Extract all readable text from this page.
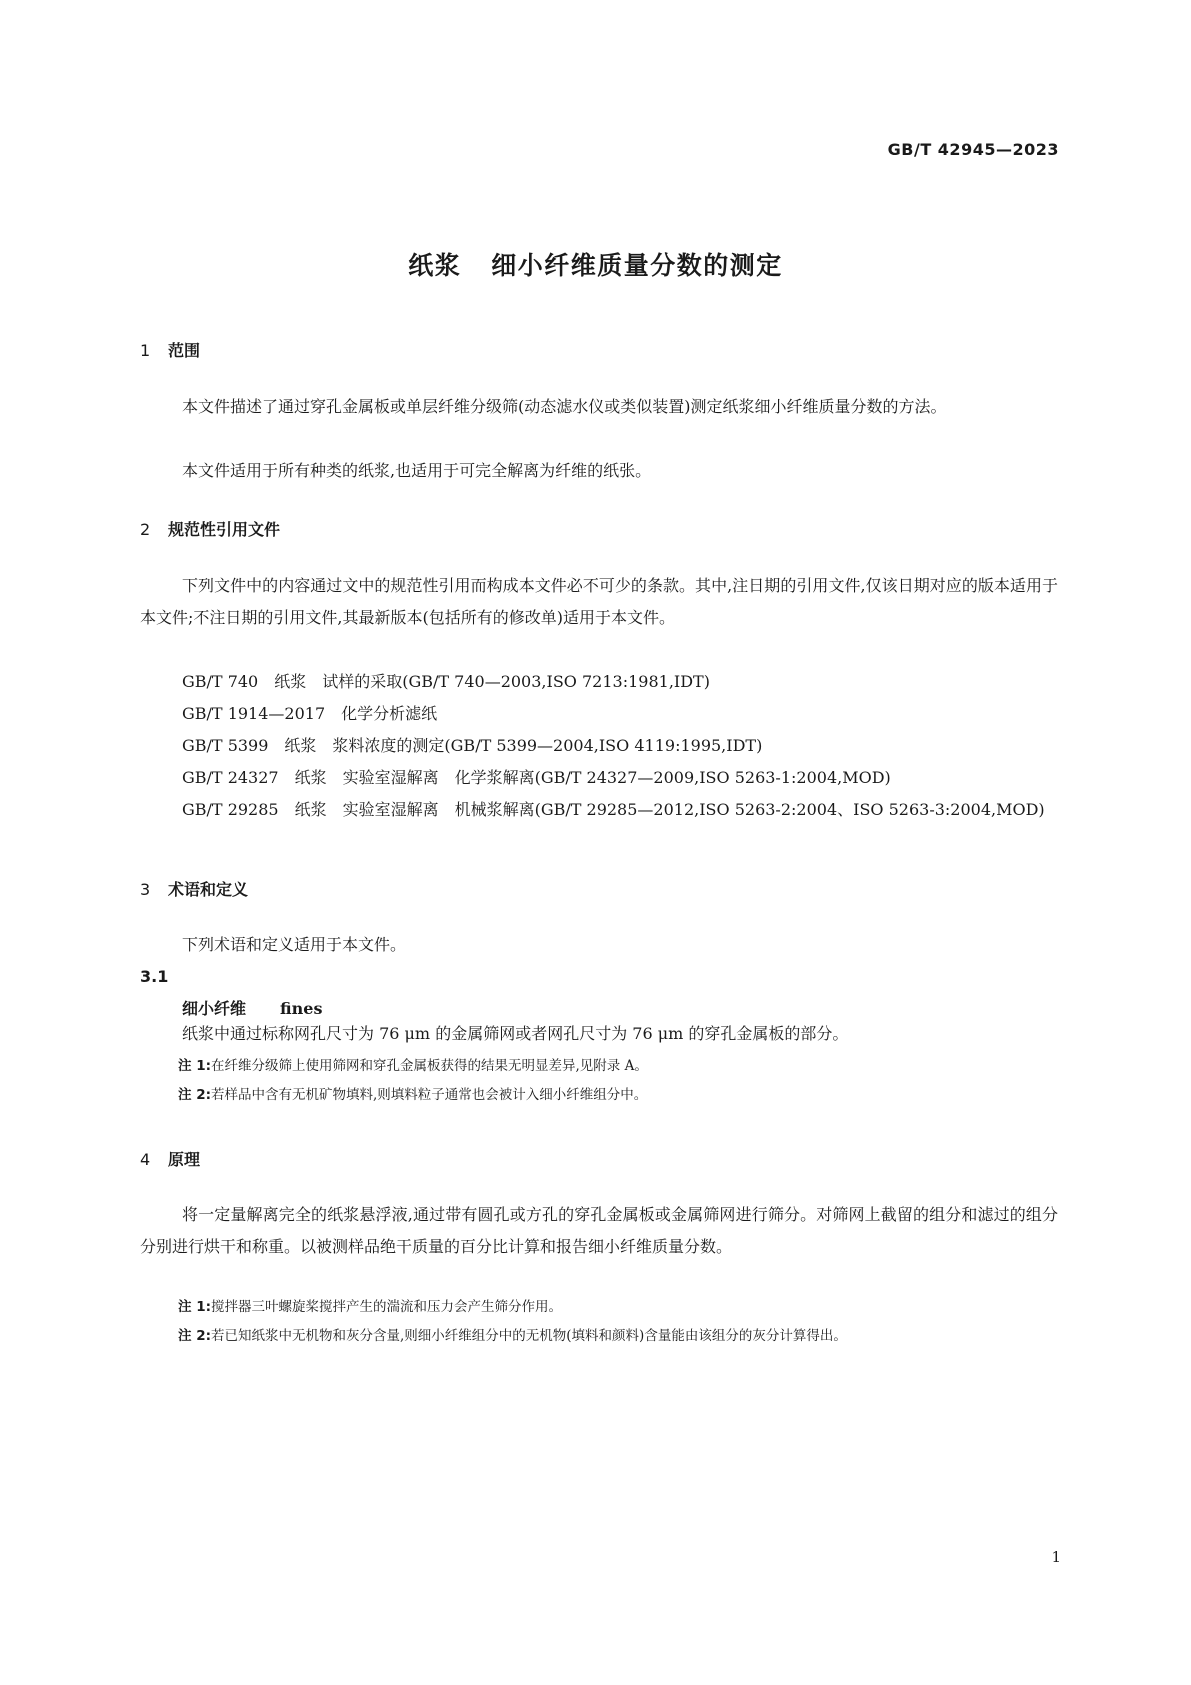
GB/T 42945—2023
纸浆 细小纤维质量分数的测定
1 范围
本文件描述了通过穿孔金属板或单层纤维分级筛(动态滤水仪或类似装置)测定纸浆细小纤维质量分数的方法。
本文件适用于所有种类的纸浆,也适用于可完全解离为纤维的纸张。
2 规范性引用文件
下列文件中的内容通过文中的规范性引用而构成本文件必不可少的条款。其中,注日期的引用文件,仅该日期对应的版本适用于本文件;不注日期的引用文件,其最新版本(包括所有的修改单)适用于本文件。
GB/T 740　纸浆　试样的采取(GB/T 740—2003,ISO 7213:1981,IDT)
GB/T 1914—2017　化学分析滤纸
GB/T 5399　纸浆　浆料浓度的测定(GB/T 5399—2004,ISO 4119:1995,IDT)
GB/T 24327　纸浆　实验室湿解离　化学浆解离(GB/T 24327—2009,ISO 5263-1:2004,MOD)
GB/T 29285　纸浆　实验室湿解离　机械浆解离(GB/T 29285—2012,ISO 5263-2:2004、ISO 5263-3:2004,MOD)
3 术语和定义
下列术语和定义适用于本文件。
3.1
细小纤维 fines
纸浆中通过标称网孔尺寸为 76 μm 的金属筛网或者网孔尺寸为 76 μm 的穿孔金属板的部分。
注 1:在纤维分级筛上使用筛网和穿孔金属板获得的结果无明显差异,见附录 A。
注 2:若样品中含有无机矿物填料,则填料粒子通常也会被计入细小纤维组分中。
4 原理
将一定量解离完全的纸浆悬浮液,通过带有圆孔或方孔的穿孔金属板或金属筛网进行筛分。对筛网上截留的组分和滤过的组分分别进行烘干和称重。以被测样品绝干质量的百分比计算和报告细小纤维质量分数。
注 1:搅拌器三叶螺旋桨搅拌产生的湍流和压力会产生筛分作用。
注 2:若已知纸浆中无机物和灰分含量,则细小纤维组分中的无机物(填料和颜料)含量能由该组分的灰分计算得出。
1
